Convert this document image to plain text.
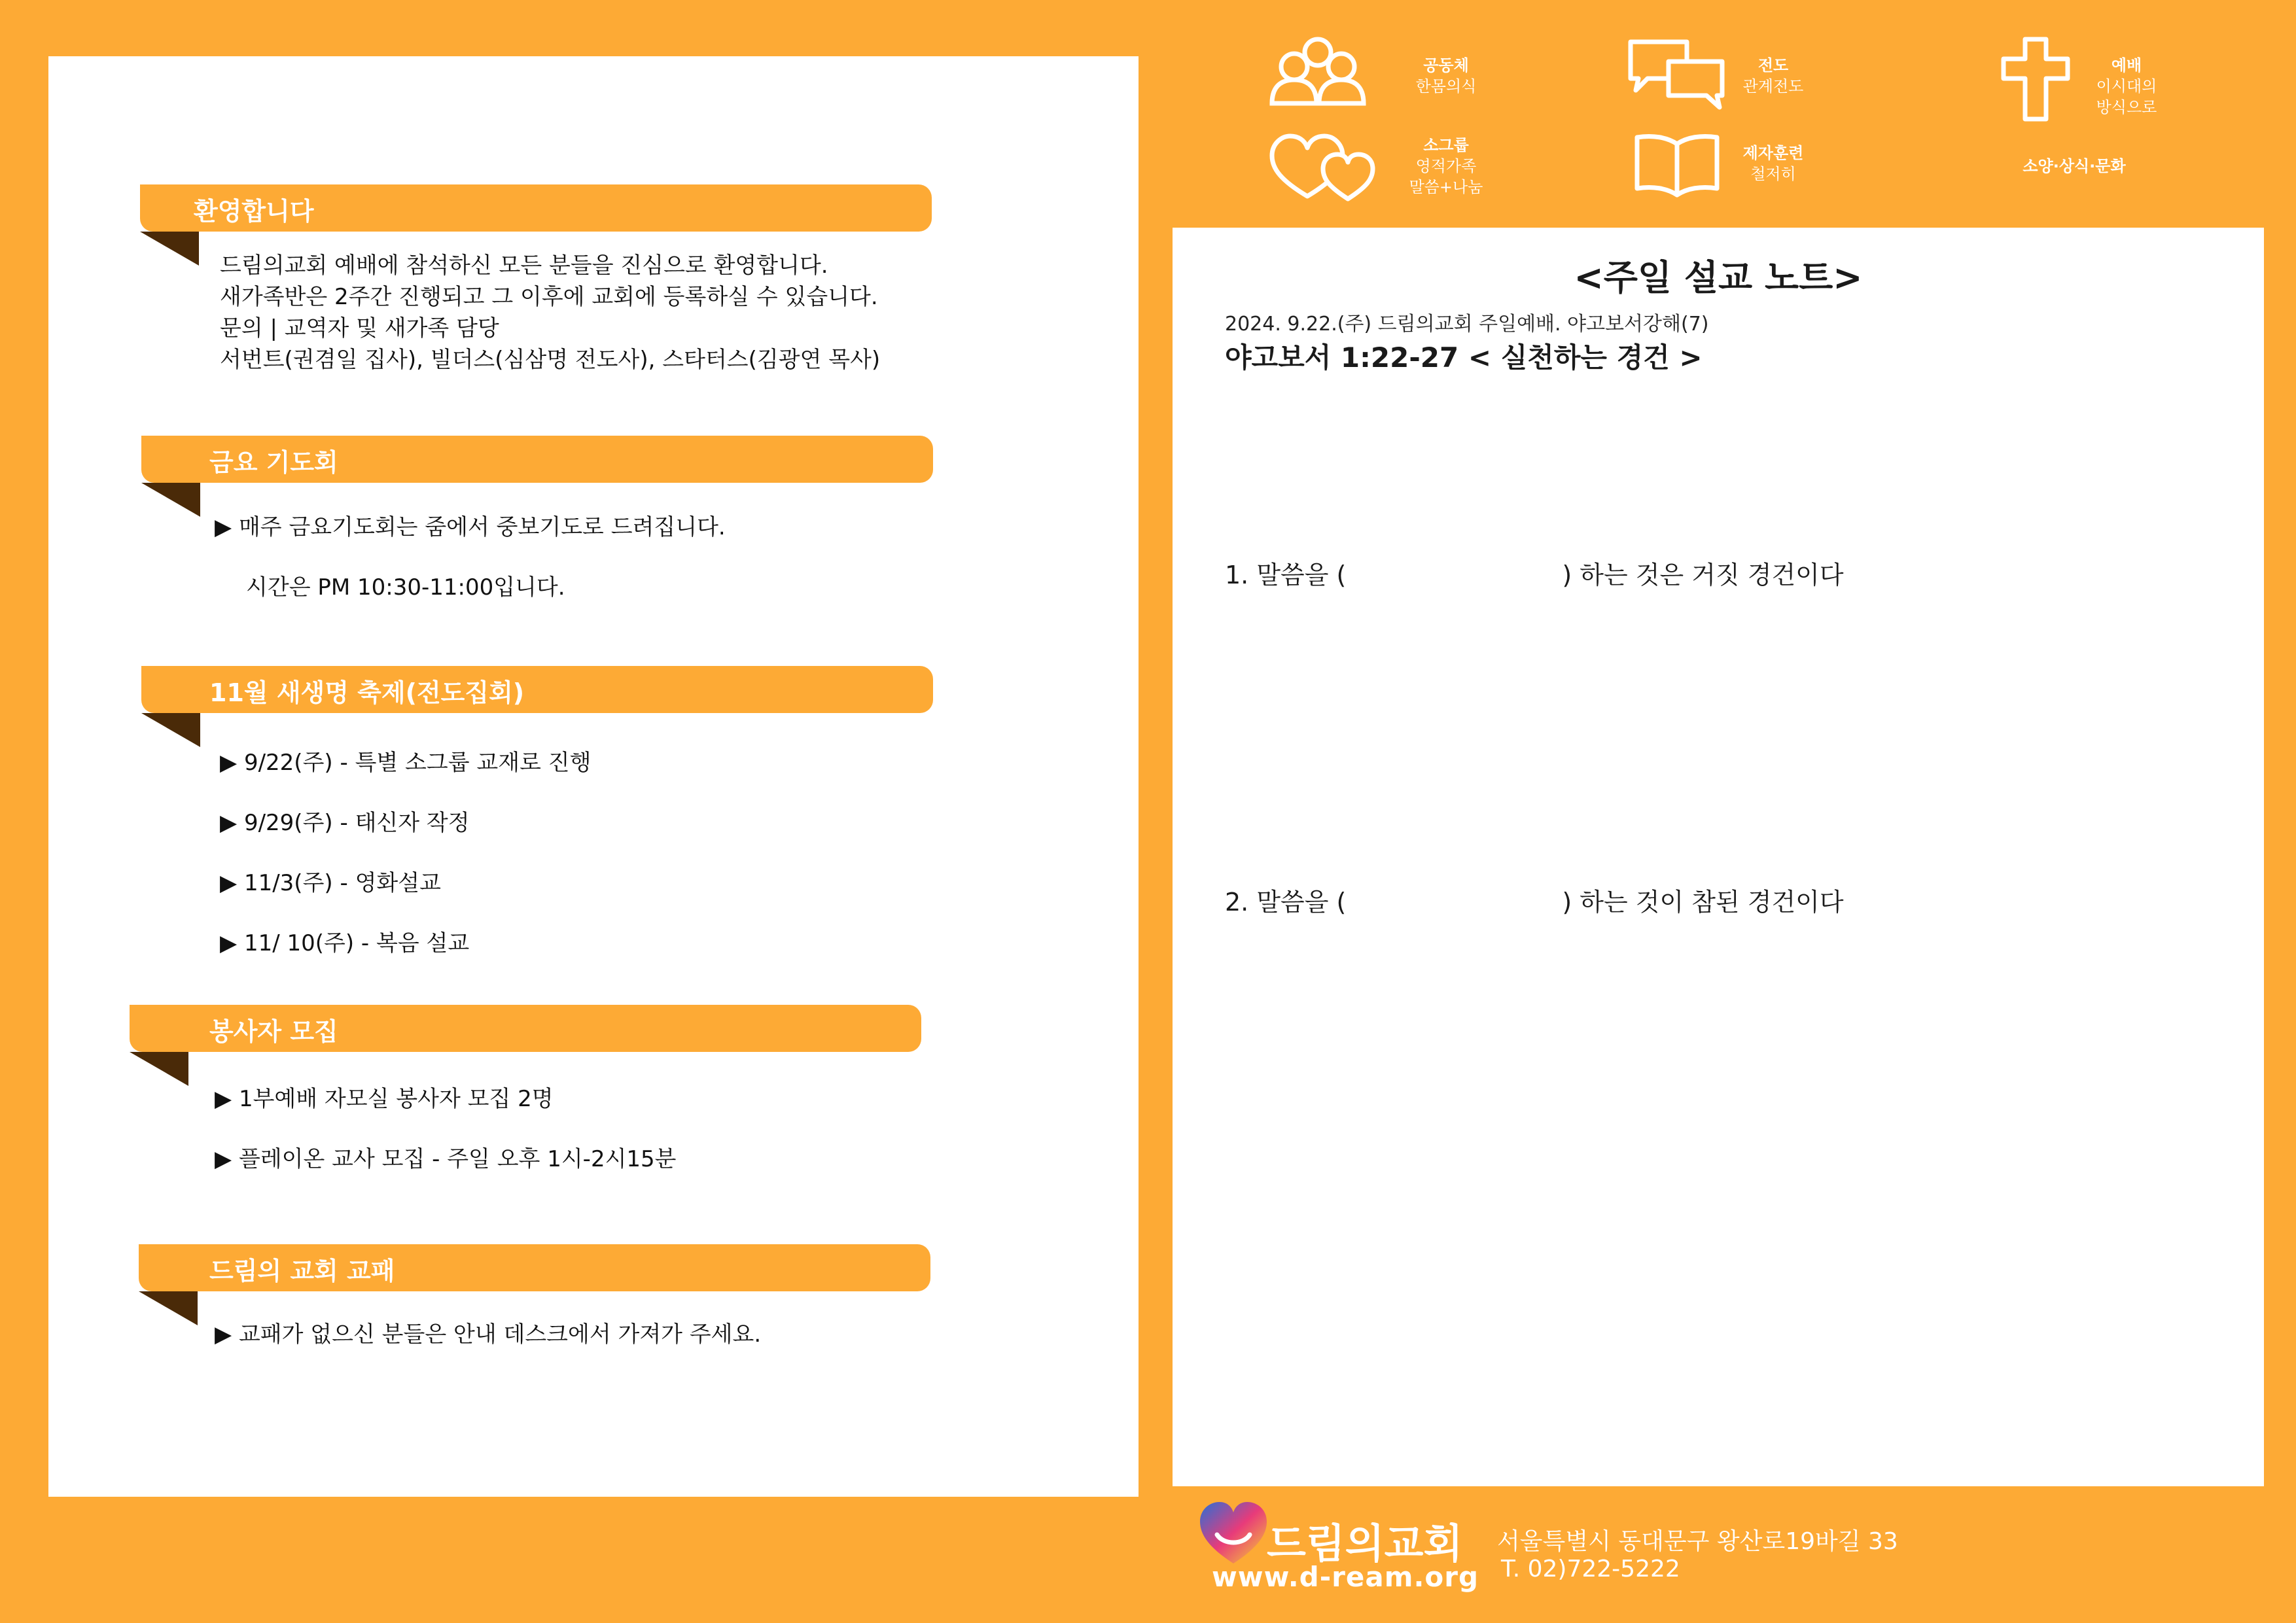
환영합니다
드림의교회 예배에 참석하신 모든 분들을 진심으로 환영합니다.
새가족반은 2주간 진행되고 그 이후에 교회에 등록하실 수 있습니다.
문의 | 교역자 및 새가족 담당
서번트(권겸일 집사), 빌더스(심삼명 전도사), 스타터스(김광연 목사)
금요 기도회
▶ 매주 금요기도회는 줌에서 중보기도로 드려집니다.
시간은 PM 10:30-11:00입니다.
11월 새생명 축제(전도집회)
▶ 9/22(주) - 특별 소그룹 교재로 진행
▶ 9/29(주) - 태신자 작정
▶ 11/3(주) - 영화설교
▶ 11/ 10(주) - 복음 설교
봉사자 모집
▶ 1부예배 자모실 봉사자 모집 2명
▶ 플레이온 교사 모집 - 주일 오후 1시-2시15분
드림의 교회 교패
▶ 교패가 없으신 분들은 안내 데스크에서 가져가 주세요.
공동체
한몸의식
전도
관계전도
예배
이시대의
방식으로
소그룹
영적가족
말씀+나눔
제자훈련
철저히	소양·상식·문화
<주일 설교 노트>
2024. 9.22.(주) 드림의교회 주일예배. 야고보서강해(7)
야고보서 1:22-27 < 실천하는 경건 >
1. 말씀을 (	) 하는 것은 거짓 경건이다
2. 말씀을 (	) 하는 것이 참된 경건이다
드림의교회
www.d-ream.org
서울특별시 동대문구 왕산로19바길 33
T. 02)722-5222
